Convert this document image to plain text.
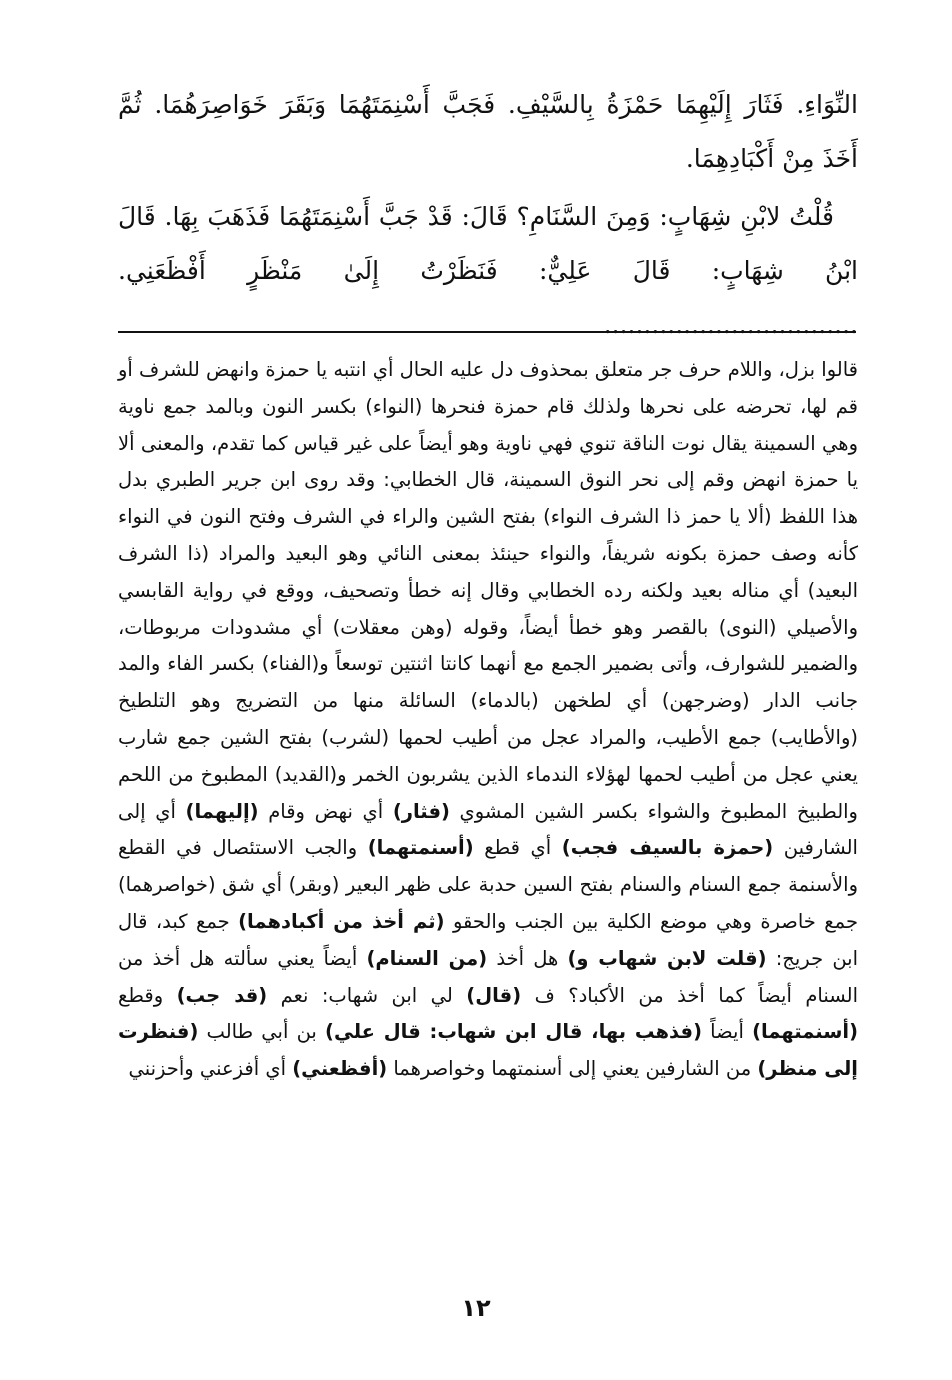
النِّوَاءِ. فَثَارَ إِلَيْهِمَا حَمْزَةُ بِالسَّيْفِ. فَجَبَّ أَسْنِمَتَهُمَا وَبَقَرَ خَوَاصِرَهُمَا. ثُمَّ أَخَذَ مِنْ أَكْبَادِهِمَا.

قُلْتُ لابْنِ شِهَابٍ: وَمِنَ السَّنَامِ؟ قَالَ: قَدْ جَبَّ أَسْنِمَتَهُمَا فَذَهَبَ بِهَا. قَالَ ابْنُ شِهَابٍ: قَالَ عَلِيٌّ: فَنَظَرْتُ إِلَىٰ مَنْظَرٍ أَفْظَعَنِي. ................................

قالوا بزل، واللام حرف جر متعلق بمحذوف دل عليه الحال أي انتبه يا حمزة وانهض للشرف أو قم لها، تحرضه على نحرها ولذلك قام حمزة فنحرها (النواء) بكسر النون وبالمد جمع ناوية وهي السمينة يقال نوت الناقة تنوي فهي ناوية وهو أيضاً على غير قياس كما تقدم، والمعنى ألا يا حمزة انهض وقم إلى نحر النوق السمينة، قال الخطابي: وقد روى ابن جرير الطبري بدل هذا اللفظ (ألا يا حمز ذا الشرف النواء) بفتح الشين والراء في الشرف وفتح النون في النواء كأنه وصف حمزة بكونه شريفاً، والنواء حينئذ بمعنى النائي وهو البعيد والمراد (ذا الشرف البعيد) أي مناله بعيد ولكنه رده الخطابي وقال إنه خطأ وتصحيف، ووقع في رواية القابسي والأصيلي (النوى) بالقصر وهو خطأ أيضاً، وقوله (وهن معقلات) أي مشدودات مربوطات، والضمير للشوارف، وأتى بضمير الجمع مع أنهما كانتا اثنتين توسعاً و(الفناء) بكسر الفاء والمد جانب الدار (وضرجهن) أي لطخهن (بالدماء) السائلة منها من التضريج وهو التلطيخ (والأطايب) جمع الأطيب، والمراد عجل من أطيب لحمها (لشرب) بفتح الشين جمع شارب يعني عجل من أطيب لحمها لهؤلاء الندماء الذين يشربون الخمر و(القديد) المطبوخ من اللحم والطبيخ المطبوخ والشواء بكسر الشين المشوي (فثار) أي نهض وقام (إليهما) أي إلى الشارفين (حمزة بالسيف فجب) أي قطع (أسنمتهما) والجب الاستئصال في القطع والأسنمة جمع السنام والسنام بفتح السين حدبة على ظهر البعير (وبقر) أي شق (خواصرهما) جمع خاصرة وهي موضع الكلية بين الجنب والحقو (ثم أخذ من أكبادهما) جمع كبد، قال ابن جريج: (قلت لابن شهاب و) هل أخذ (من السنام) أيضاً يعني سألته هل أخذ من السنام أيضاً كما أخذ من الأكباد؟ ف (قال) لي ابن شهاب: نعم (قد جب) وقطع (أسنمتهما) أيضاً (فذهب بها، قال ابن شهاب: قال علي) بن أبي طالب (فنظرت إلى منظر) من الشارفين يعني إلى أسنمتهما وخواصرهما (أفظعني) أي أفزعني وأحزنني

١٢
